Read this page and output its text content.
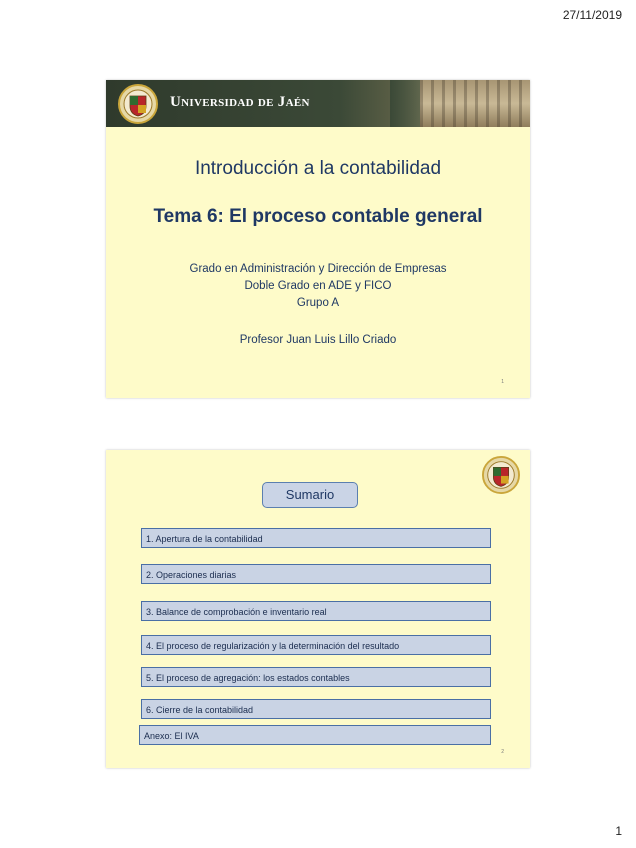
27/11/2019
Universidad de Jaén
Introducción a la contabilidad
Tema 6: El proceso contable general
Grado en Administración y Dirección de Empresas
Doble Grado en ADE y FICO
Grupo A
Profesor Juan Luis Lillo Criado
1
Sumario
1. Apertura de la contabilidad
2. Operaciones diarias
3. Balance de comprobación e inventario real
4. El proceso de regularización y la determinación del resultado
5. El proceso de agregación: los estados contables
6. Cierre de la contabilidad
Anexo: El IVA
2
1
